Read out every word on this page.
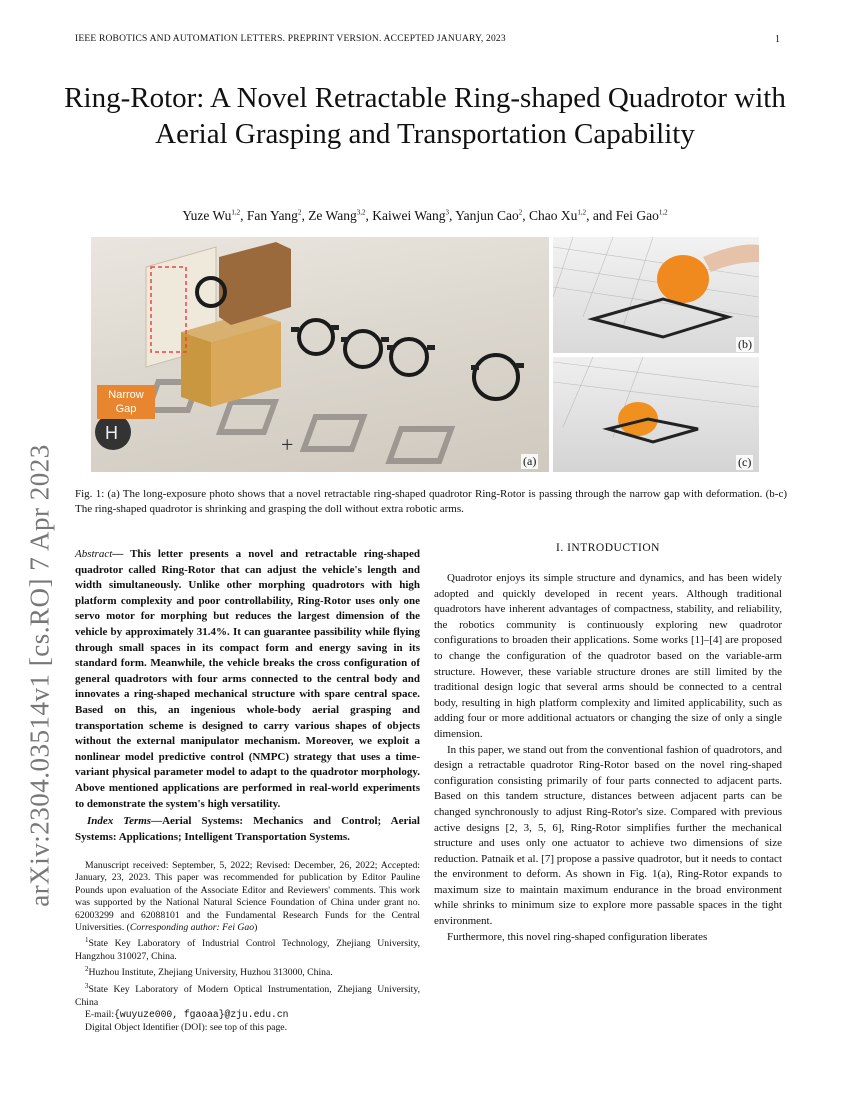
IEEE ROBOTICS AND AUTOMATION LETTERS. PREPRINT VERSION. ACCEPTED JANUARY, 2023	1
Ring-Rotor: A Novel Retractable Ring-shaped Quadrotor with Aerial Grasping and Transportation Capability
Yuze Wu$^{1,2}$, Fan Yang$^2$, Ze Wang$^{3,2}$, Kaiwei Wang$^3$, Yanjun Cao$^2$, Chao Xu$^{1,2}$, and Fei Gao$^{1,2}$
arXiv:2304.03514v1 [cs.RO] 7 Apr 2023	+
H
Narrow
Gap
(a)
(b)
(c)
Fig. 1: (a) The long-exposure photo shows that a novel retractable ring-shaped quadrotor Ring-Rotor is passing through the narrow gap with deformation. (b-c) The ring-shaped quadrotor is shrinking and grasping the doll without extra robotic arms.
Abstract— This letter presents a novel and retractable ring-shaped quadrotor called Ring-Rotor that can adjust the vehicle's length and width simultaneously. Unlike other morphing quadrotors with high platform complexity and poor controllability, Ring-Rotor uses only one servo motor for morphing but reduces the largest dimension of the vehicle by approximately 31.4%. It can guarantee passibility while flying through small spaces in its compact form and energy saving in its standard form. Meanwhile, the vehicle breaks the cross configuration of general quadrotors with four arms connected to the central body and innovates a ring-shaped mechanical structure with spare central space. Based on this, an ingenious whole-body aerial grasping and transportation scheme is designed to carry various shapes of objects without the external manipulator mechanism. Moreover, we exploit a nonlinear model predictive control (NMPC) strategy that uses a time-variant physical parameter model to adapt to the quadrotor morphology. Above mentioned applications are performed in real-world experiments to demonstrate the system's high versatility.
Index Terms—Aerial Systems: Mechanics and Control; Aerial Systems: Applications; Intelligent Transportation Systems.

Manuscript received: September, 5, 2022; Revised: December, 26, 2022; Accepted: January, 23, 2023. This paper was recommended for publication by Editor Pauline Pounds upon evaluation of the Associate Editor and Reviewers' comments. This work was supported by the National Natural Science Foundation of China under grant no. 62003299 and 62088101 and the Fundamental Research Funds for the Central Universities. (Corresponding author: Fei Gao)

$^1$State Key Laboratory of Industrial Control Technology, Zhejiang University, Hangzhou 310027, China.

$^2$Huzhou Institute, Zhejiang University, Huzhou 313000, China.

$^3$State Key Laboratory of Modern Optical Instrumentation, Zhejiang University, China

E-mail:{wuyuze000, fgaoaa}@zju.edu.cn

Digital Object Identifier (DOI): see top of this page.

I. INTRODUCTION

Quadrotor enjoys its simple structure and dynamics, and has been widely adopted and quickly developed in recent years. Although traditional quadrotors have inherent advantages of compactness, stability, and reliability, the robotics community is continuously exploring new quadrotor configurations to broaden their applications. Some works [1]–[4] are proposed to change the configuration of the quadrotor based on the variable-arm structure. However, these variable structure drones are still limited by the traditional design logic that several arms should be connected to a central body, resulting in high platform complexity and limited applicability, such as adding four or more additional actuators or changing the size of only a single dimension.

In this paper, we stand out from the conventional fashion of quadrotors, and design a retractable quadrotor Ring-Rotor based on the novel ring-shaped configuration consisting primarily of four parts connected to adjacent parts. Based on this tandem structure, distances between adjacent parts can be changed synchronously to adjust Ring-Rotor's size. Compared with previous active designs [2, 3, 5, 6], Ring-Rotor simplifies further the mechanical structure and uses only one actuator to achieve two dimensions of size reduction. Patnaik et al. [7] propose a passive quadrotor, but it needs to contact the environment to deform. As shown in Fig. 1(a), Ring-Rotor expands to maximum size to maintain maximum endurance in the broad environment while shrinks to minimum size to explore more passable spaces in the tight environment.

Furthermore, this novel ring-shaped configuration liberates
